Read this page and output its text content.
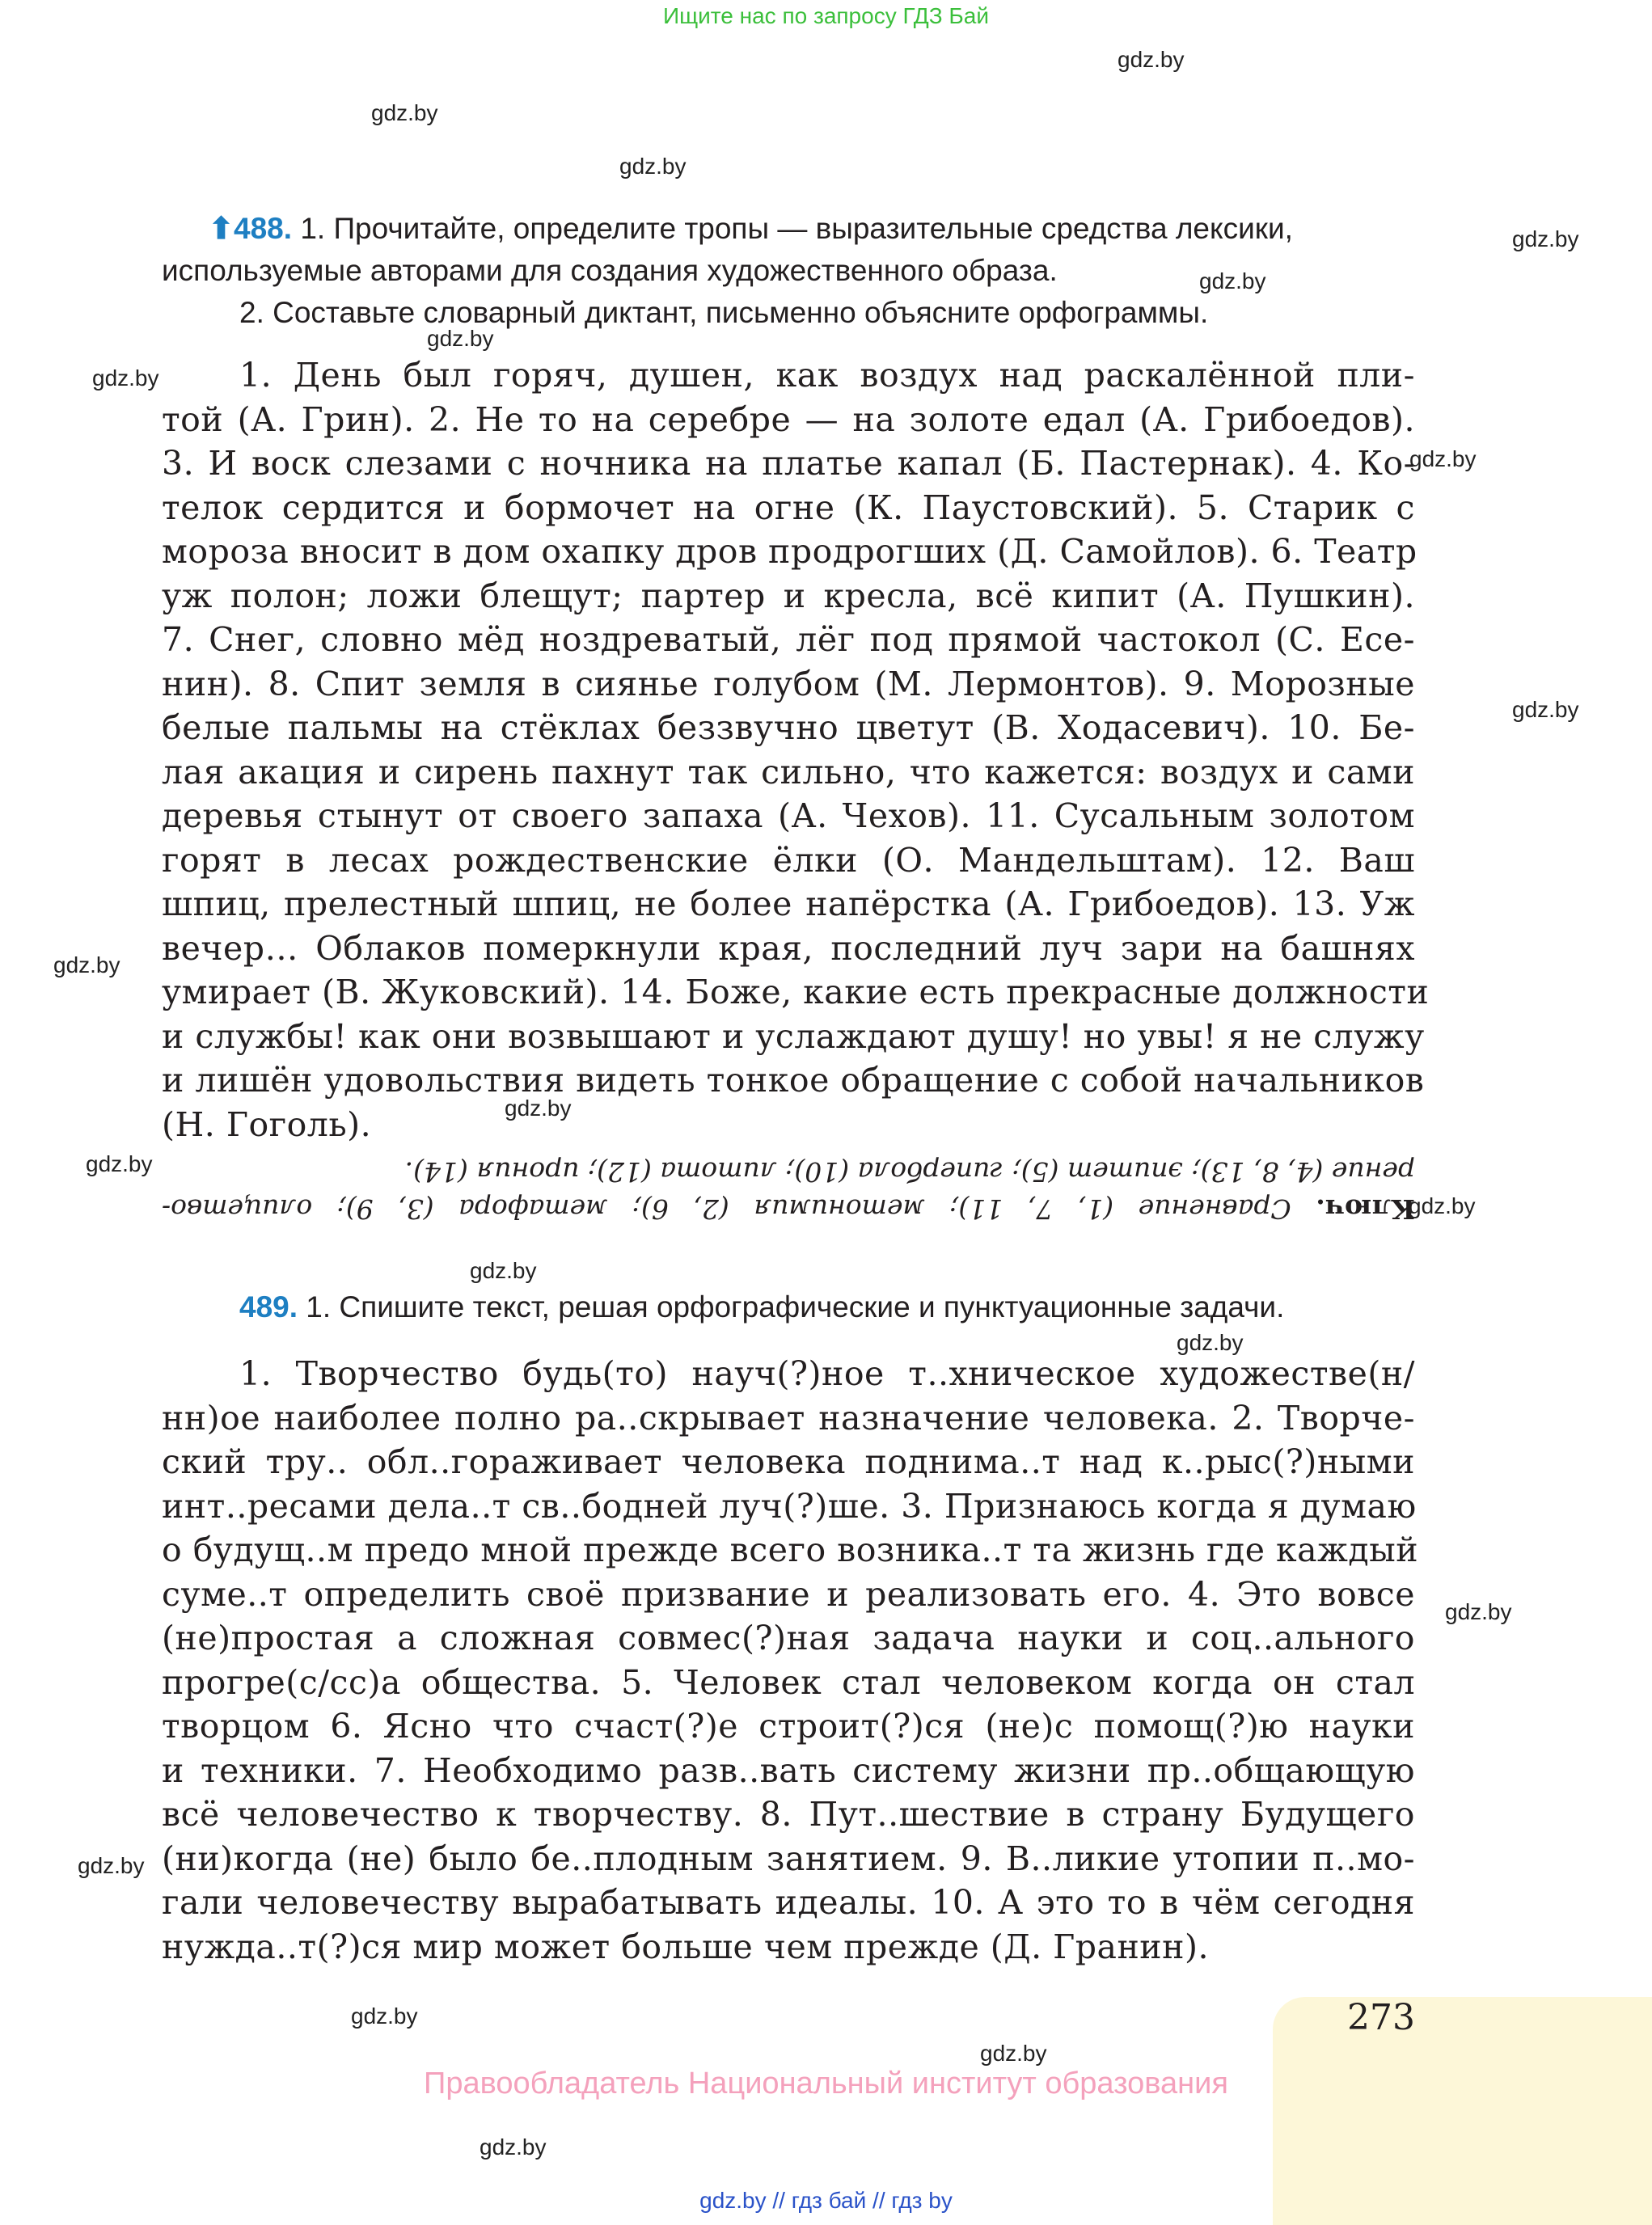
Ищите нас по запросу ГДЗ Бай
gdz.by
gdz.by
gdz.by
gdz.by
gdz.by
gdz.by
gdz.by
gdz.by
gdz.by
gdz.by
gdz.by
gdz.by
gdz.by
gdz.by
gdz.by
gdz.by
gdz.by
gdz.by
gdz.by
gdz.by
⬆488. 1. Прочитайте, определите тропы — выразительные средства лексики,
используемые авторами для создания художественного образа.
2. Составьте словарный диктант, письменно объясните орфограммы.
1. День был горяч, душен, как воздух над раскалённой пли-
той (А. Грин). 2. Не то на серебре — на золоте едал (А. Грибоедов).
3. И воск слезами с ночника на платье капал (Б. Пастернак). 4. Ко-
телок сердится и бормочет на огне (К. Паустовский). 5. Старик с
мороза вносит в дом охапку дров продрогших (Д. Самойлов). 6. Театр
уж полон; ложи блещут; партер и кресла, всё кипит (А. Пушкин).
7. Снег, словно мёд ноздреватый, лёг под прямой частокол (С. Есе-
нин). 8. Спит земля в сиянье голубом (М. Лермонтов). 9. Морозные
белые пальмы на стёклах беззвучно цветут (В. Ходасевич). 10. Бе-
лая акация и сирень пахнут так сильно, что кажется: воздух и сами
деревья стынут от своего запаха (А. Чехов). 11. Сусальным золотом
горят в лесах рождественские ёлки (О. Мандельштам). 12. Ваш
шпиц, прелестный шпиц, не более напёрстка (А. Грибоедов). 13. Уж
вечер… Облаков померкнули края, последний луч зари на башнях
умирает (В. Жуковский). 14. Боже, какие есть прекрасные должности
и службы! как они возвышают и услаждают душу! но увы! я не служу
и лишён удовольствия видеть тонкое обращение с собой начальников
(Н. Гоголь).
Ключ. Сравнение (1, 7, 11); метонимия (2, 6); метафора (3, 9); олицетво-
рение (4, 8, 13); эпитет (5); гипербола (10); литота (12); ирония (14).
489. 1. Спишите текст, решая орфографические и пунктуационные задачи.
1. Творчество будь(то) науч(?)ное т..хническое художестве(н/
нн)ое наиболее полно ра..скрывает назначение человека. 2. Творче-
ский тру.. обл..гораживает человека поднима..т над к..рыс(?)ными
инт..ресами дела..т св..бодней луч(?)ше. 3. Признаюсь когда я думаю
о будущ..м предо мной прежде всего возника..т та жизнь где каждый
суме..т определить своё призвание и реализовать его. 4. Это вовсе
(не)простая а сложная совмес(?)ная задача науки и соц..ального
прогре(с/сс)а общества. 5. Человек стал человеком когда он стал
творцом 6. Ясно что счаст(?)е строит(?)ся (не)с помощ(?)ю науки
и техники. 7. Необходимо разв..вать систему жизни пр..общающую
всё человечество к творчеству. 8. Пут..шествие в страну Будущего
(ни)когда (не) было бе..плодным занятием. 9. В..ликие утопии п..мо-
гали человечеству вырабатывать идеалы. 10. А это то в чём сегодня
нужда..т(?)ся мир может больше чем прежде (Д. Гранин).
273
Правообладатель Национальный институт образования
gdz.by // гдз бай // гдз by
